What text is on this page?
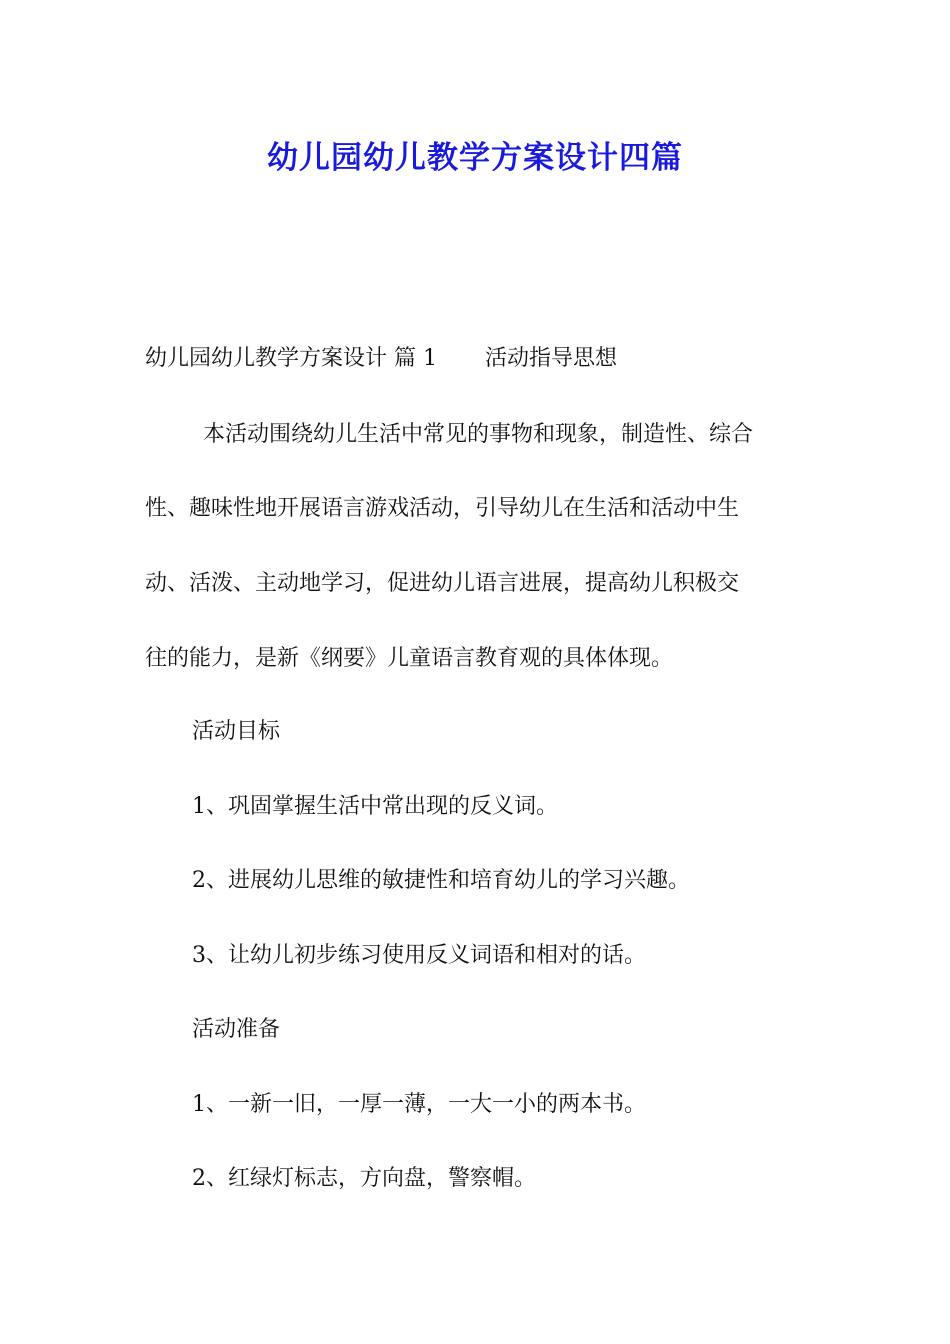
幼儿园幼儿教学方案设计四篇

幼儿园幼儿教学方案设计 篇 1 活动指导思想

本活动围绕幼儿生活中常见的事物和现象，制造性、综合

性、趣味性地开展语言游戏活动，引导幼儿在生活和活动中生

动、活泼、主动地学习，促进幼儿语言进展，提高幼儿积极交

往的能力，是新《纲要》儿童语言教育观的具体体现。

活动目标

1、巩固掌握生活中常出现的反义词。

2、进展幼儿思维的敏捷性和培育幼儿的学习兴趣。

3、让幼儿初步练习使用反义词语和相对的话。

活动准备

1、一新一旧，一厚一薄，一大一小的两本书。

2、红绿灯标志，方向盘，警察帽。
